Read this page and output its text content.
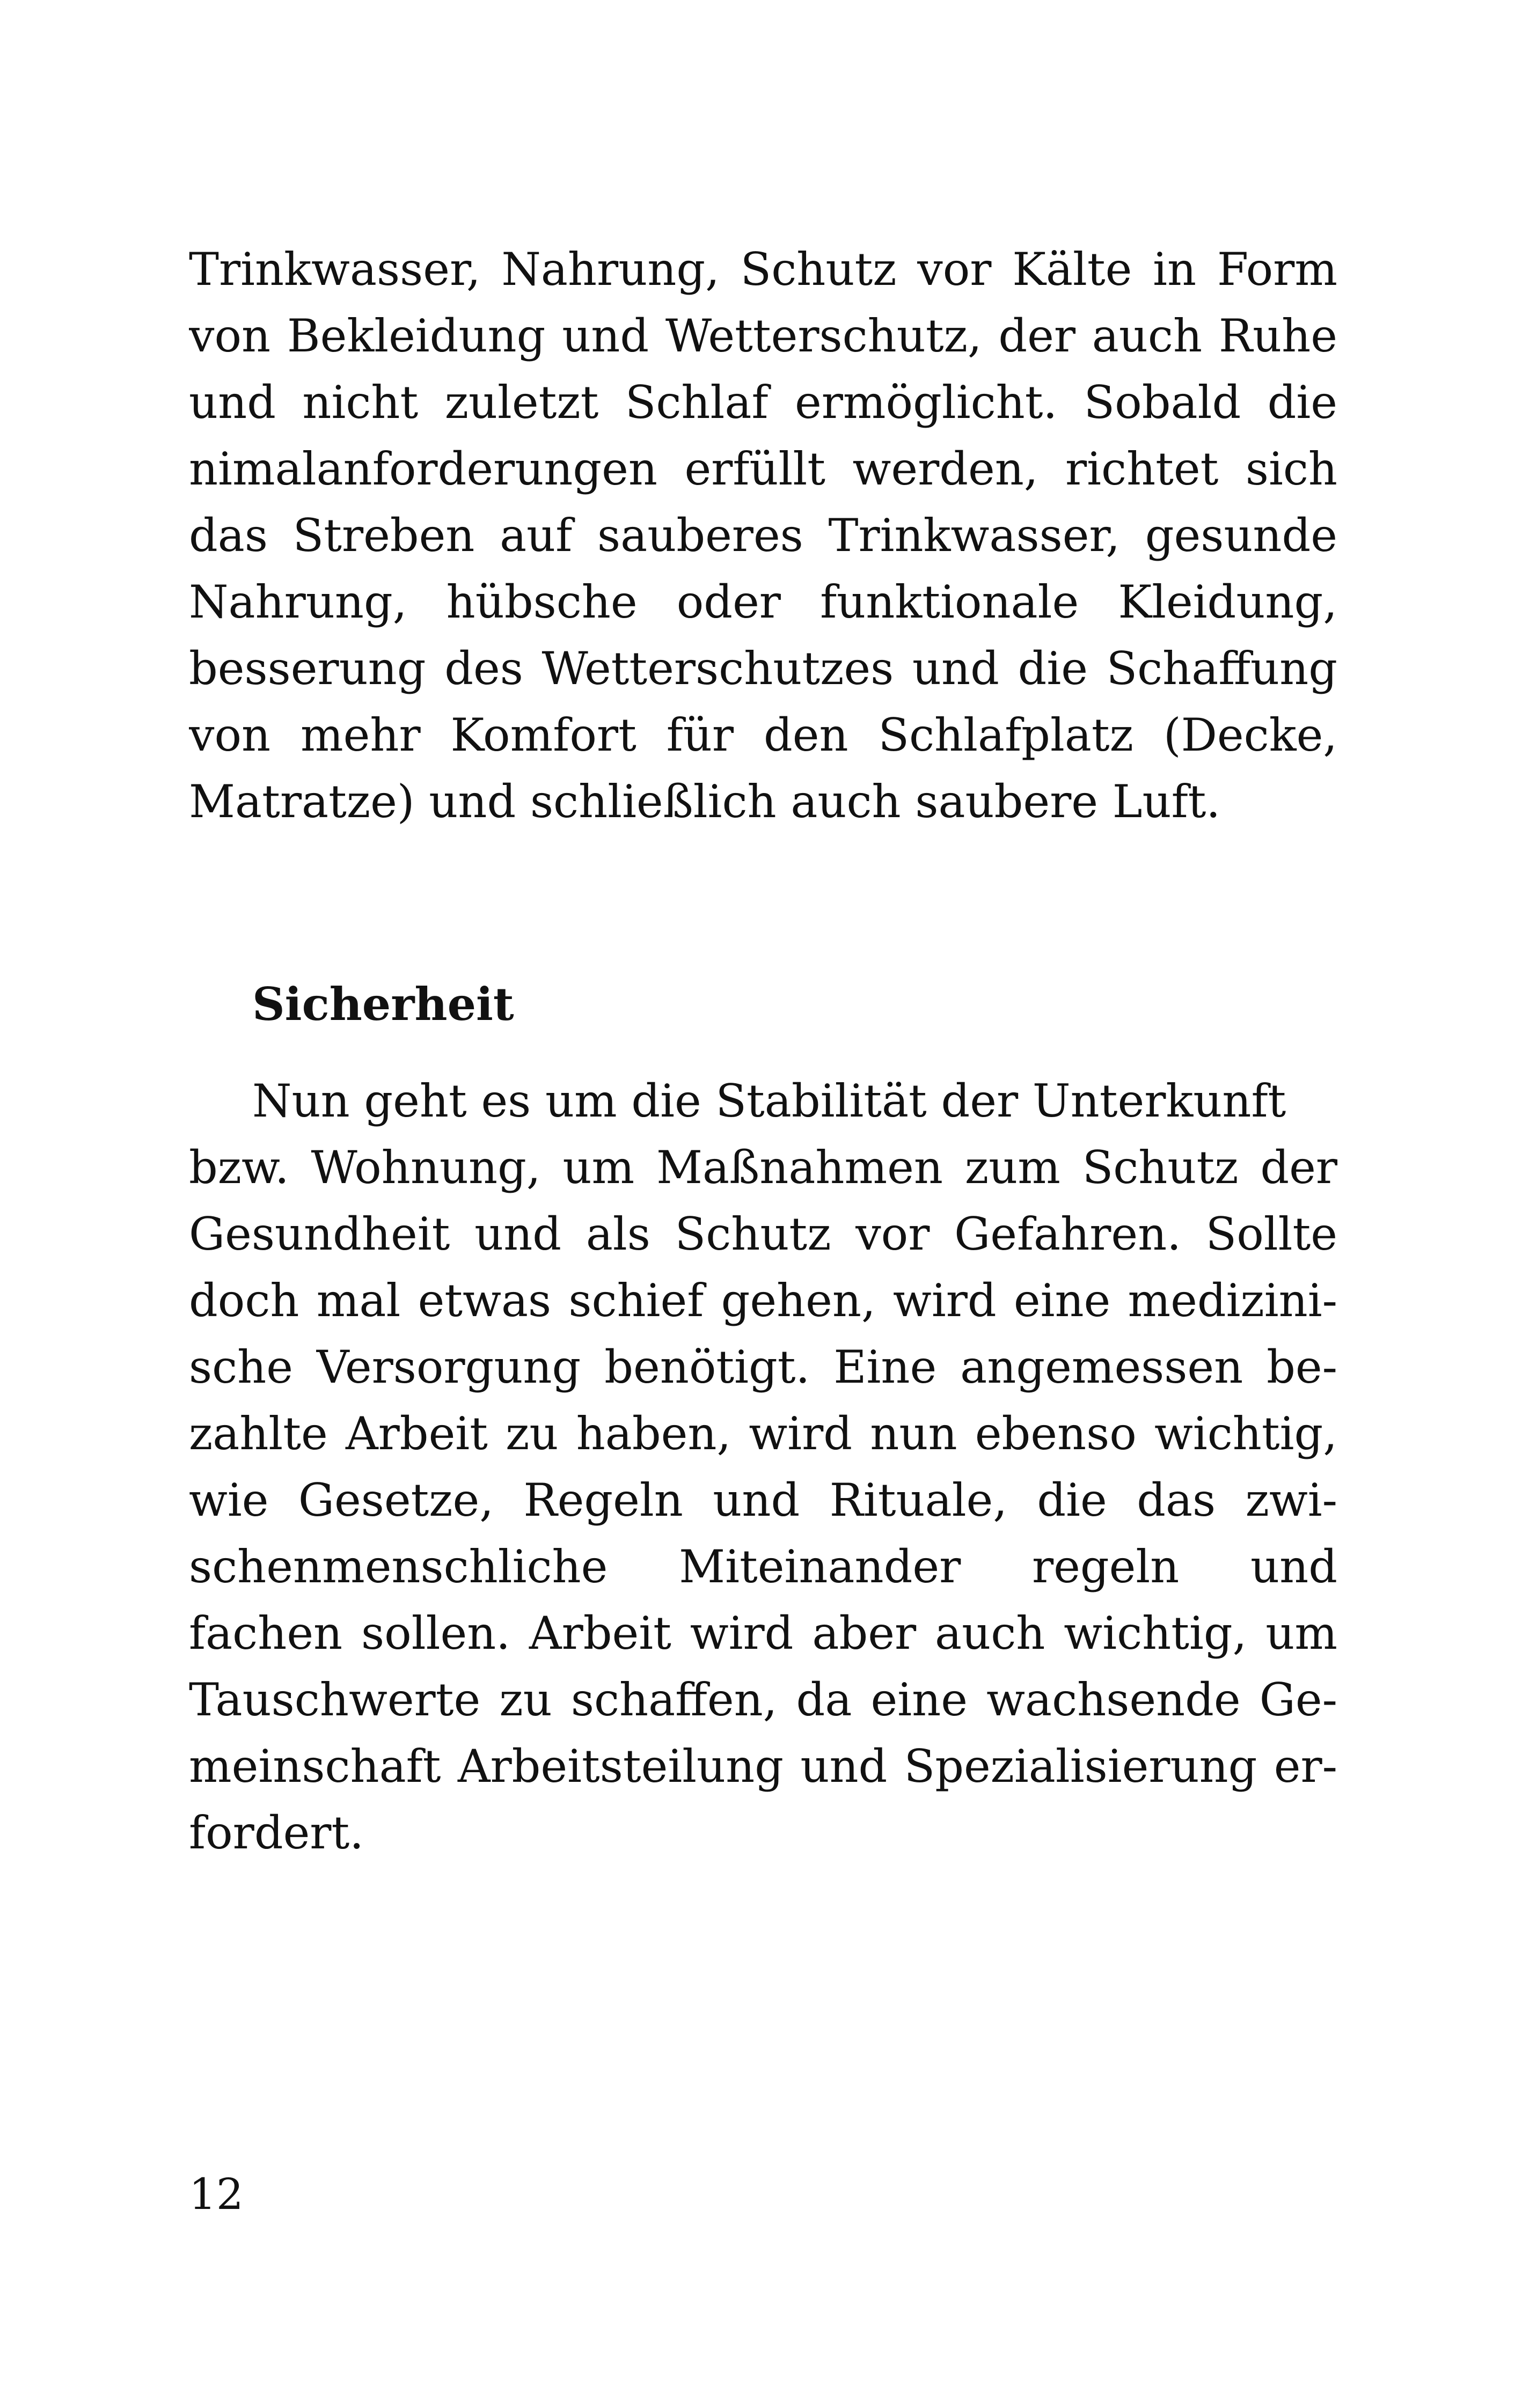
Trinkwasser, Nahrung, Schutz vor Kälte in Form
von Bekleidung und Wetterschutz, der auch Ruhe
und nicht zuletzt Schlaf ermöglicht. Sobald die
nimalanforderungen erfüllt werden, richtet sich
das Streben auf sauberes Trinkwasser, gesunde
Nahrung, hübsche oder funktionale Kleidung,
besserung des Wetterschutzes und die Schaffung
von mehr Komfort für den Schlafplatz (Decke,
Matratze) und schließlich auch saubere Luft.

Sicherheit

Nun geht es um die Stabilität der Unterkunft
bzw. Wohnung, um Maßnahmen zum Schutz der
Gesundheit und als Schutz vor Gefahren. Sollte
doch mal etwas schief gehen, wird eine medizini-
sche Versorgung benötigt. Eine angemessen be-
zahlte Arbeit zu haben, wird nun ebenso wichtig,
wie Gesetze, Regeln und Rituale, die das zwi-
schenmenschliche Miteinander regeln und
fachen sollen. Arbeit wird aber auch wichtig, um
Tauschwerte zu schaffen, da eine wachsende Ge-
meinschaft Arbeitsteilung und Spezialisierung er-
fordert.

12
